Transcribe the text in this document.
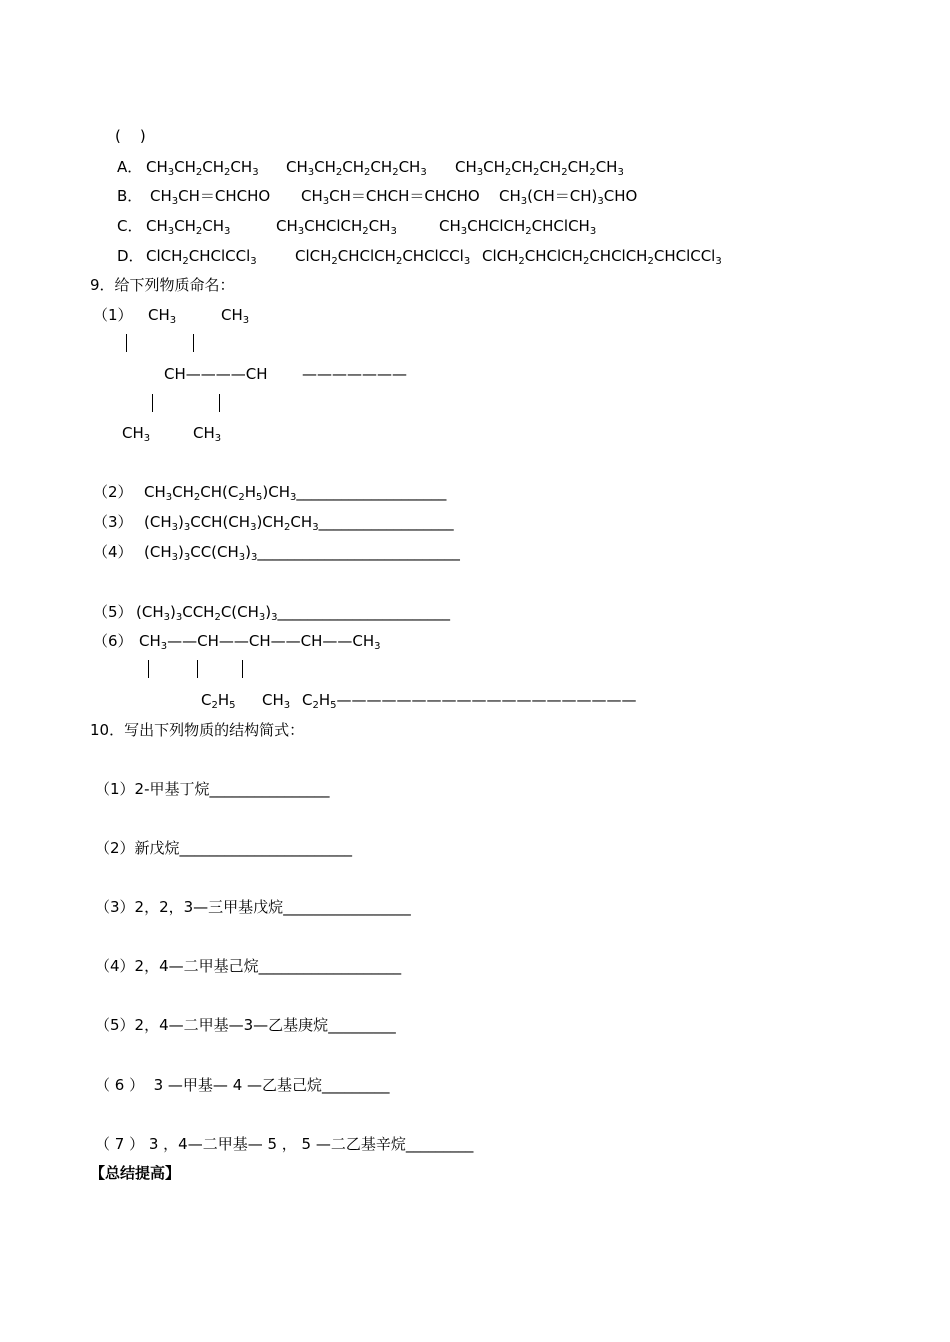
(    )
A． $CH_3CH_2CH_2CH_3$ $CH_3CH_2CH_2CH_2CH_3$ $CH_3CH_2CH_2CH_2CH_2CH_3$
B． $CH_3CH=CHCHO$ $CH_3CH=CHCH=CHCHO$ $CH_3(CH=CH)_3CHO$
C． $CH_3CH_2CH_3$	$CH_3CHClCH_2CH_3$	$CH_3CHClCH_2CHClCH_3$
D． ClCH$_2$CHClCCl$_3$	ClCH$_2$CHClCH$_2$CHClCCl$_3$ ClCH$_2$CHClCH$_2$CHClCH$_2$CHClCCl$_3$
9．给下列物质命名：
（1） $CH_3$	$CH_3$
CH————CH ———————
$CH_3$	$CH_3$
（2） $CH_3CH_2CH(C_2H_5)CH_3\_\_\_\_\_\_\_\_\_\_\_\_\_\_\_\_\_\_\_\_$
（3） $(CH_3)_3CCH(CH_3)CH_2CH_3\_\_\_\_\_\_\_\_\_\_\_\_\_\_\_\_\_\_$
（4） $(CH_3)_3CC(CH_3)_3\_\_\_\_\_\_\_\_\_\_\_\_\_\_\_\_\_\_\_\_\_\_\_\_\_\_\_$
（5） $(CH_3)_3CCH_2C(CH_3)_3\_\_\_\_\_\_\_\_\_\_\_\_\_\_\_\_\_\_\_\_\_\_\_$
（6） $CH_3——CH——CH——CH——CH_3$
$C_2H_5$ $CH_3$ $C_2H_5————————————————————$
10．写出下列物质的结构简式：
（1）2-甲基丁烷________________
（2）新戊烷_______________________
（3）2，2，3—三甲基戊烷_________________
（4）2，4—二甲基己烷___________________
（5）2，4—二甲基—3—乙基庚烷_________
（ 6 ）  3 —甲基— 4 —乙基己烷_________
（ 7 ） 3 ，4—二甲基— 5 ， 5 —二乙基辛烷_________
【总结提高】
